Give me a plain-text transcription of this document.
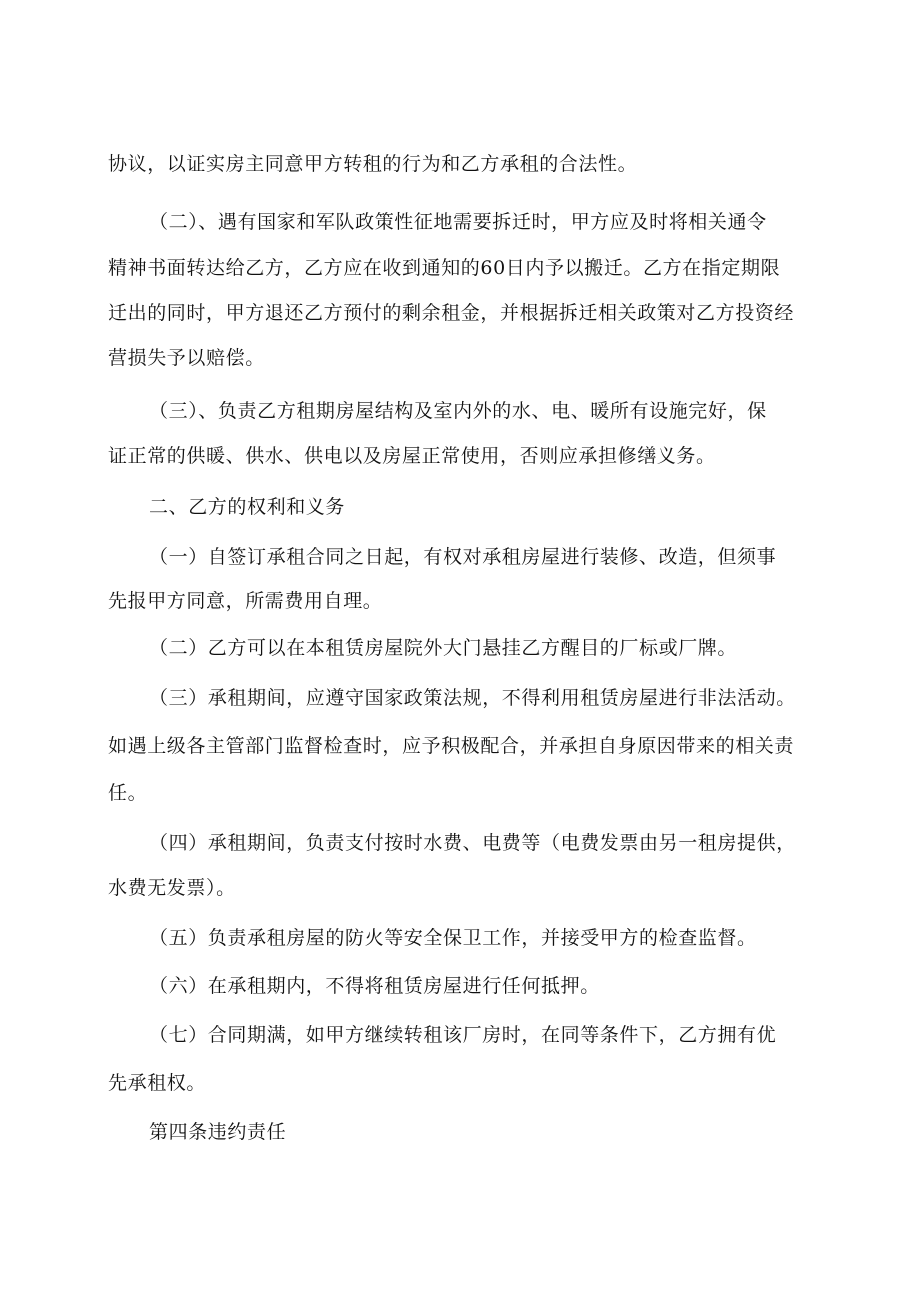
协议，以证实房主同意甲方转租的行为和乙方承租的合法性。
（二）、遇有国家和军队政策性征地需要拆迁时，甲方应及时将相关通令
精神书面转达给乙方，乙方应在收到通知的60日内予以搬迁。乙方在指定期限
迁出的同时，甲方退还乙方预付的剩余租金，并根据拆迁相关政策对乙方投资经
营损失予以赔偿。
（三）、负责乙方租期房屋结构及室内外的水、电、暖所有设施完好，保
证正常的供暖、供水、供电以及房屋正常使用，否则应承担修缮义务。
二、乙方的权利和义务
（一）自签订承租合同之日起，有权对承租房屋进行装修、改造，但须事
先报甲方同意，所需费用自理。
（二）乙方可以在本租赁房屋院外大门悬挂乙方醒目的厂标或厂牌。
（三）承租期间，应遵守国家政策法规，不得利用租赁房屋进行非法活动。
如遇上级各主管部门监督检查时，应予积极配合，并承担自身原因带来的相关责
任。
（四）承租期间，负责支付按时水费、电费等（电费发票由另一租房提供，
水费无发票）。
（五）负责承租房屋的防火等安全保卫工作，并接受甲方的检查监督。
（六）在承租期内，不得将租赁房屋进行任何抵押。
（七）合同期满，如甲方继续转租该厂房时，在同等条件下，乙方拥有优
先承租权。
第四条违约责任
